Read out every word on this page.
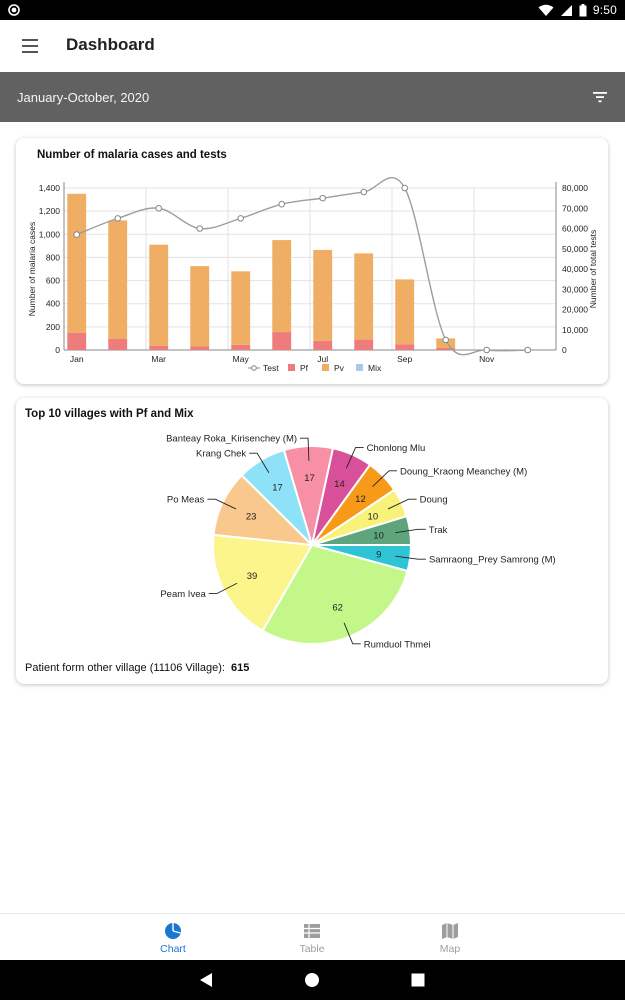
9:50
Dashboard
January-October, 2020
Number of malaria cases and tests
0
200
400
600
800
1,000
1,200
1,400
0
10,000
20,000
30,000
40,000
50,000
60,000
70,000
80,000
Jan	Mar	May	Jul	Sep	Nov
Number of malaria cases	Number of total tests
Test	Pf	Pv	Mix
Top 10 villages with Pf and Mix
9	Samraong_Prey Samrong (M)
62
Rumduol Thmei
39
Peam Ivea
23
Po Meas
17
Krang Chek
17
Banteay Roka_Kirisenchey (M)
14
Chonlong Mlu
12
Doung_Kraong Meanchey (M)
10
Doung
10
Trak
Patient form other village (11106 Village): 615
Chart	Table	Map
